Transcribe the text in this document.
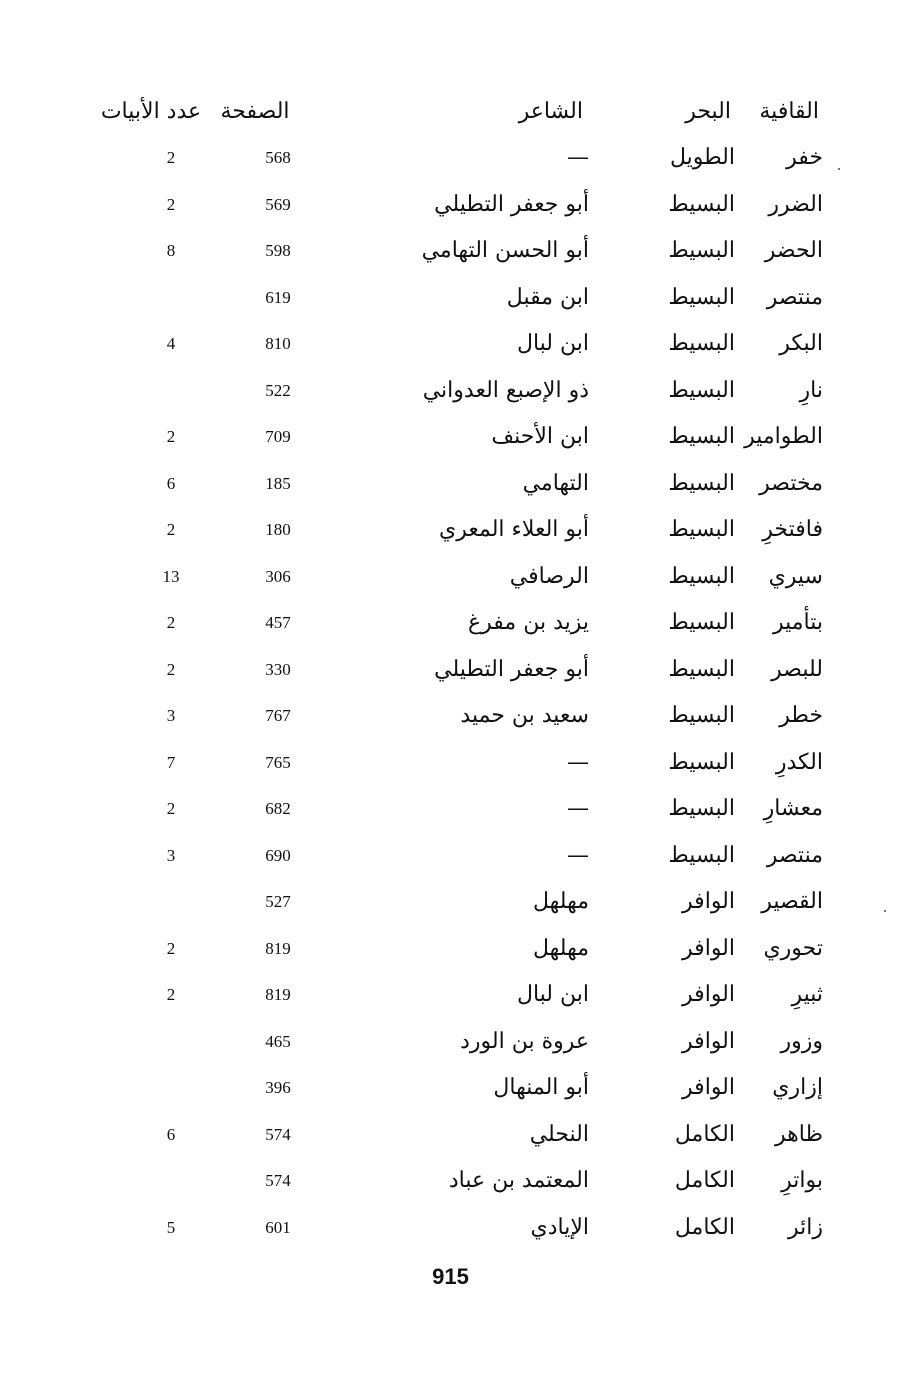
القافية
البحر
الشاعر
الصفحة
عدد الأبيات
خفر
الطويل
—
568
2
الضرر
البسيط
أبو جعفر التطيلي
569
2
الحضر
البسيط
أبو الحسن التهامي
598
8
منتصر
البسيط
ابن مقبل
619
البكر
البسيط
ابن لبال
810
4
نارِ
البسيط
ذو الإصبع العدواني
522
الطوامير
البسيط
ابن الأحنف
709
2
مختصر
البسيط
التهامي
185
6
فافتخرِ
البسيط
أبو العلاء المعري
180
2
سيري
البسيط
الرصافي
306
13
بتأمير
البسيط
يزيد بن مفرغ
457
2
للبصر
البسيط
أبو جعفر التطيلي
330
2
خطر
البسيط
سعيد بن حميد
767
3
الكدرِ
البسيط
—
765
7
معشارِ
البسيط
—
682
2
منتصر
البسيط
—
690
3
القصير
الوافر
مهلهل
527
تحوري
الوافر
مهلهل
819
2
ثبيرِ
الوافر
ابن لبال
819
2
وزور
الوافر
عروة بن الورد
465
إزاري
الوافر
أبو المنهال
396
ظاهر
الكامل
النحلي
574
6
بواترِ
الكامل
المعتمد بن عباد
574
زائر
الكامل
الإيادي
601
5
915
